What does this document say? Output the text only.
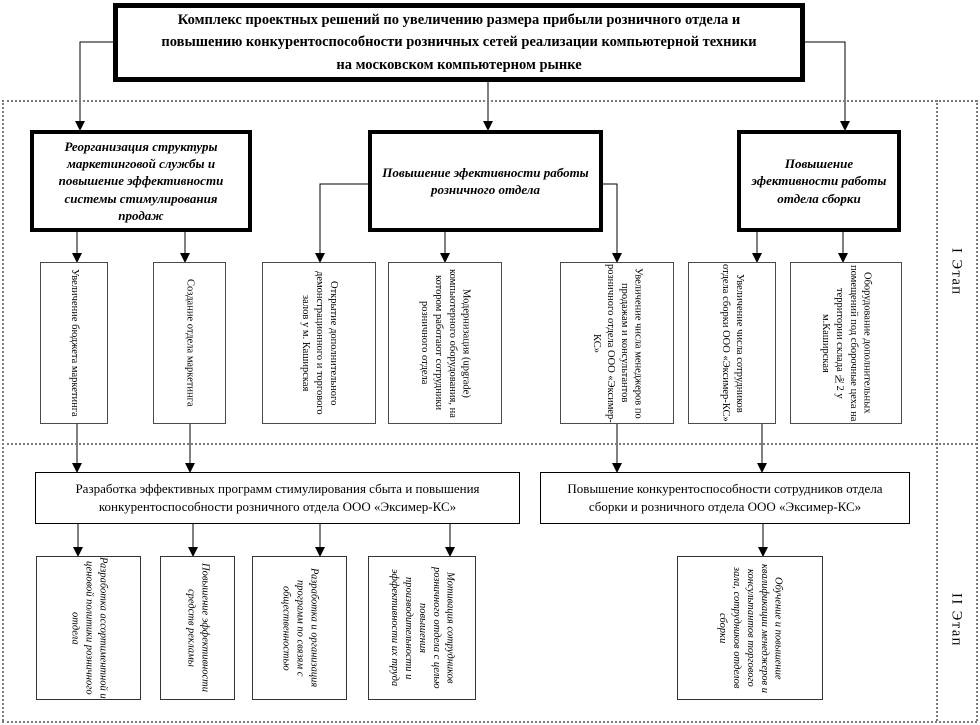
I Этап
II Этап
Комплекс проектных решений по увеличению размера прибыли розничного отдела и повышению конкурентоспособности розничных сетей реализации компьютерной техники на московском компьютерном рынке
Реорганизация структуры маркетинговой службы и повышение эффективности системы стимулирования продаж
Повышение эфективности работы розничного отдела
Повышение эфективности работы отдела сборки
Увеличение бюджета маркетинга	Создание отдела маркетинга	Открытие дополнительного демонстрационного и торгового залов у м. Каширская	Модернизация (upgrade) компьютерного оборудования, на котором работают сотрудники розничного отдела	Увеличение числа менеджеров по продажам и консультантов розничного отдела ООО «Эксимер-КС»	Увеличение числа сотрудников отдела сборки ООО «Эксимер-КС»	Оборудование дополнительных помещений под сборочные цеха на территории склада №2 у м.Каширская
Разработка эффективных программ стимулирования сбыта и повышения конкурентоспособности розничного отдела ООО «Эксимер-КС»
Повышение конкурентоспособности сотрудников отдела сборки и розничного отдела ООО «Эксимер-КС»
Разработка ассортиментной и ценовой политики розничного отдела	Повышение эффективности средств рекламы	Разработка и организация программ по связям с общественностью	Мотивация сотрудников розничного отдела с целью повышения производительности и эффективности их труда	Обучение и повышение квалификации менеджеров и консультантов торгового зала, сотрудников отделов сборки
